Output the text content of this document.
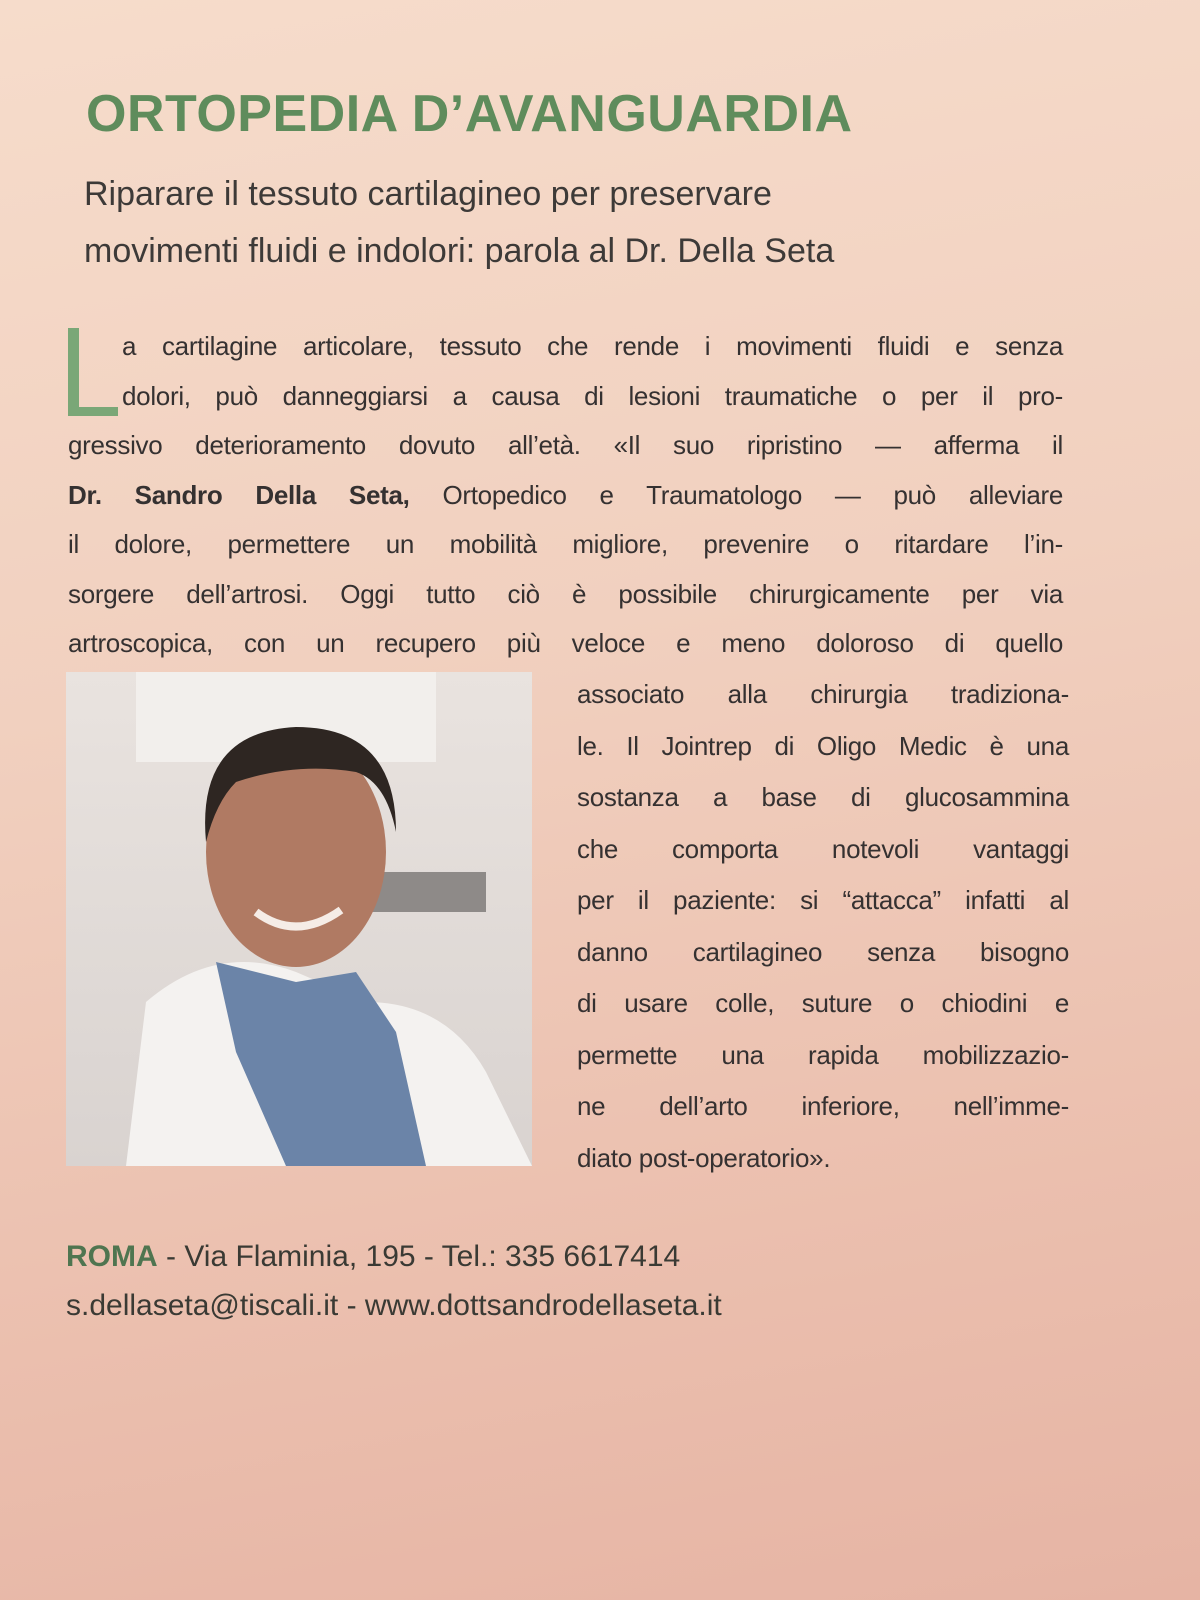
ORTOPEDIA D’AVANGUARDIA
Riparare il tessuto cartilagineo per preservare
movimenti fluidi e indolori: parola al Dr. Della Seta
a cartilagine articolare, tessuto che rende i movimenti fluidi e senza
dolori, può danneggiarsi a causa di lesioni traumatiche o per il pro-
gressivo deterioramento dovuto all’età. «Il suo ripristino — afferma il
Dr. Sandro Della Seta, Ortopedico e Traumatologo — può alleviare
il dolore, permettere un mobilità migliore, prevenire o ritardare l’in-
sorgere dell’artrosi. Oggi tutto ciò è possibile chirurgicamente per via
artroscopica, con un recupero più veloce e meno doloroso di quello
associato alla chirurgia tradiziona-
le. Il Jointrep di Oligo Medic è una
sostanza a base di glucosammina
che comporta notevoli vantaggi
per il paziente: si “attacca” infatti al
danno cartilagineo senza bisogno
di usare colle, suture o chiodini e
permette una rapida mobilizzazio-
ne dell’arto inferiore, nell’imme-
diato post-operatorio».
ROMA - Via Flaminia, 195 - Tel.: 335 6617414
s.dellaseta@tiscali.it - www.dottsandrodellaseta.it
